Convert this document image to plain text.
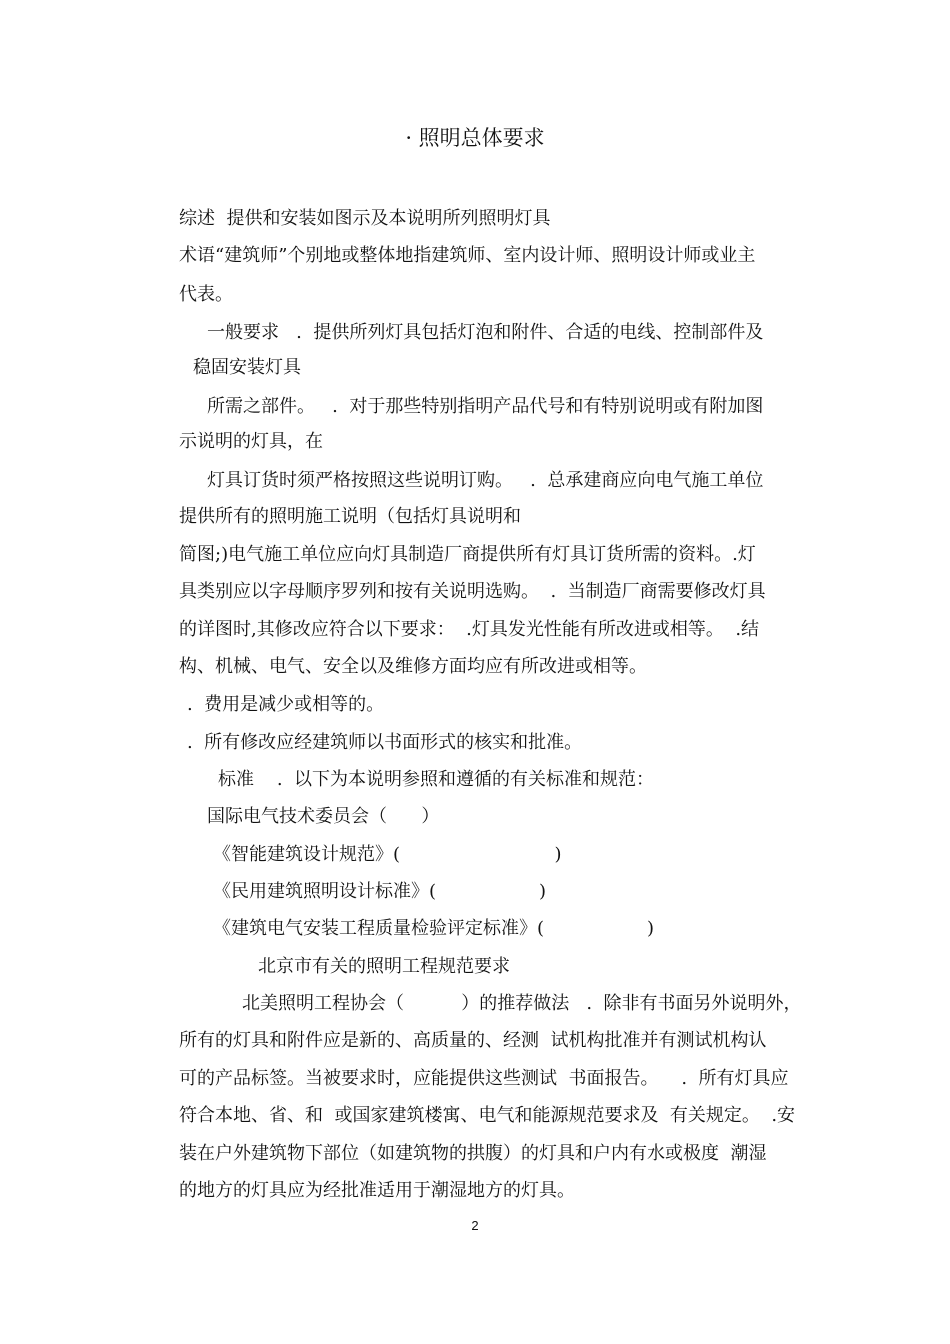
· 照明总体要求
综述  提供和安装如图示及本说明所列照明灯具
术语“建筑师”个别地或整体地指建筑师、室内设计师、照明设计师或业主
代表。
一般要求   .  提供所列灯具包括灯泡和附件、合适的电线、控制部件及
稳固安装灯具
所需之部件。   .  对于那些特别指明产品代号和有特别说明或有附加图
示说明的灯具，在
灯具订货时须严格按照这些说明订购。   .  总承建商应向电气施工单位
提供所有的照明施工说明（包括灯具说明和
简图;)电气施工单位应向灯具制造厂商提供所有灯具订货所需的资料。.灯
具类别应以字母顺序罗列和按有关说明选购。  .  当制造厂商需要修改灯具
的详图时,其修改应符合以下要求：  .灯具发光性能有所改进或相等。  .结
构、机械、电气、安全以及维修方面均应有所改进或相等。
.  费用是减少或相等的。
.  所有修改应经建筑师以书面形式的核实和批准。
标准    .  以下为本说明参照和遵循的有关标准和规范：
国际电气技术委员会（      ）
《智能建筑设计规范》(                           )
《民用建筑照明设计标准》(                  )
《建筑电气安装工程质量检验评定标准》(                  )
北京市有关的照明工程规范要求
北美照明工程协会（          ）的推荐做法   .  除非有书面另外说明外，
所有的灯具和附件应是新的、高质量的、经测  试机构批准并有测试机构认
可的产品标签。当被要求时，应能提供这些测试  书面报告。    .  所有灯具应
符合本地、省、和  或国家建筑楼寓、电气和能源规范要求及  有关规定。  .安
装在户外建筑物下部位（如建筑物的拱腹）的灯具和户内有水或极度  潮湿
的地方的灯具应为经批准适用于潮湿地方的灯具。
2
